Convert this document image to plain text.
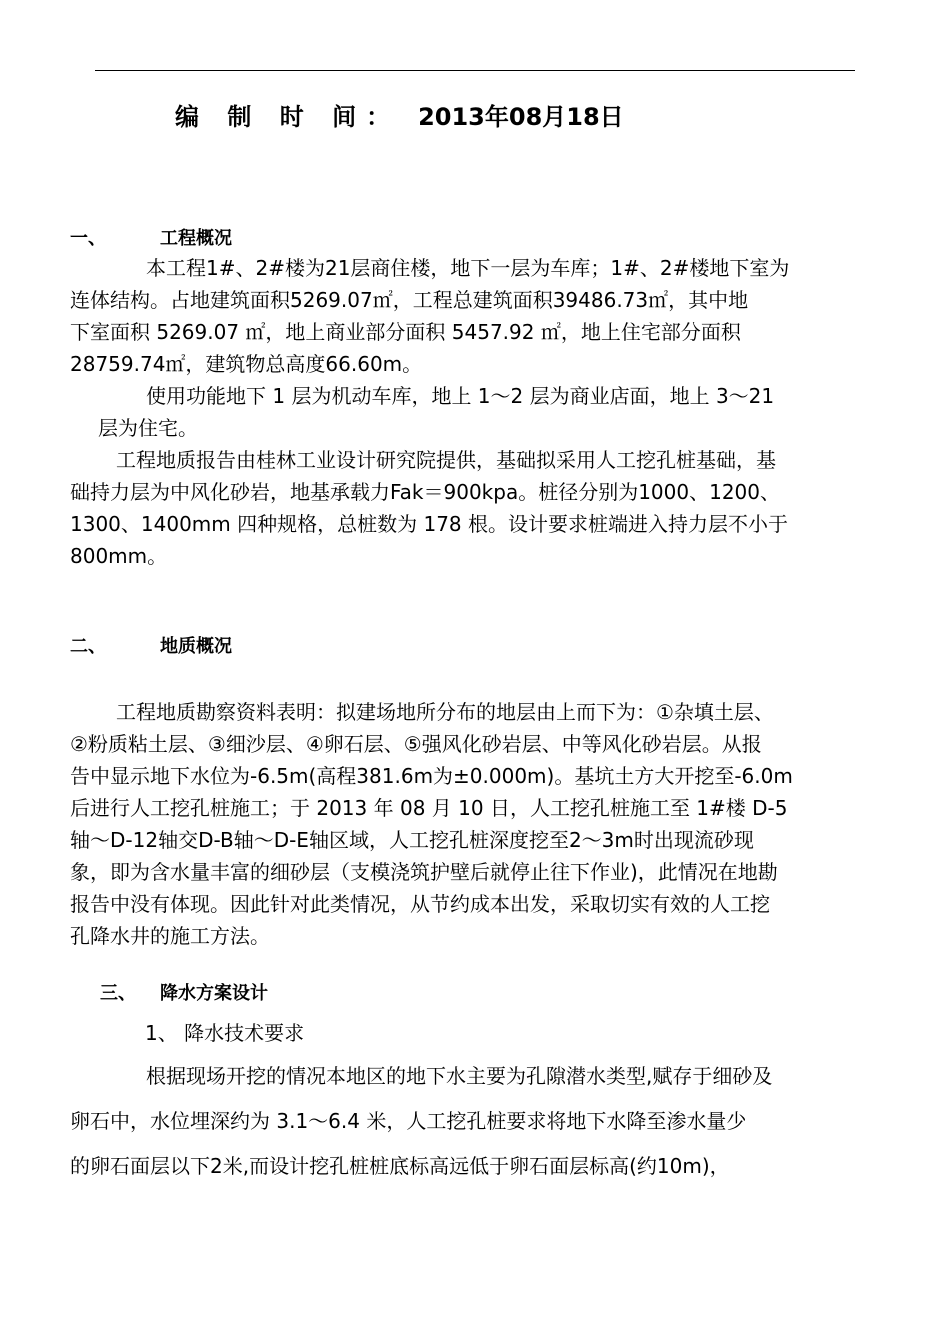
编 制 时 间： 2013年08月18日
一、	工程概况
本工程1#、2#楼为21层商住楼，地下一层为车库；1#、2#楼地下室为
连体结构。占地建筑面积5269.07㎡，工程总建筑面积39486.73㎡，其中地
下室面积 5269.07 ㎡，地上商业部分面积 5457.92 ㎡，地上住宅部分面积
28759.74㎡，建筑物总高度66.60m。
使用功能地下 1 层为机动车库，地上 1～2 层为商业店面，地上 3～21
层为住宅。
工程地质报告由桂林工业设计研究院提供，基础拟采用人工挖孔桩基础，基
础持力层为中风化砂岩，地基承载力Fak＝900kpa。桩径分别为1000、1200、
1300、1400mm 四种规格，总桩数为 178 根。设计要求桩端进入持力层不小于
800mm。
二、	地质概况
工程地质勘察资料表明：拟建场地所分布的地层由上而下为：①杂填土层、
②粉质粘土层、③细沙层、④卵石层、⑤强风化砂岩层、中等风化砂岩层。从报
告中显示地下水位为-6.5m(高程381.6m为±0.000m)。基坑土方大开挖至-6.0m
后进行人工挖孔桩施工；于 2013 年 08 月 10 日，人工挖孔桩施工至 1#楼 D-5
轴～D-12轴交D-B轴～D-E轴区域，人工挖孔桩深度挖至2～3m时出现流砂现
象，即为含水量丰富的细砂层（支模浇筑护壁后就停止往下作业)，此情况在地勘
报告中没有体现。因此针对此类情况，从节约成本出发，采取切实有效的人工挖
孔降水井的施工方法。
三、 降水方案设计
1、 降水技术要求
根据现场开挖的情况本地区的地下水主要为孔隙潜水类型,赋存于细砂及
卵石中，水位埋深约为 3.1～6.4 米，人工挖孔桩要求将地下水降至渗水量少
的卵石面层以下2米,而设计挖孔桩桩底标高远低于卵石面层标高(约10m)，
